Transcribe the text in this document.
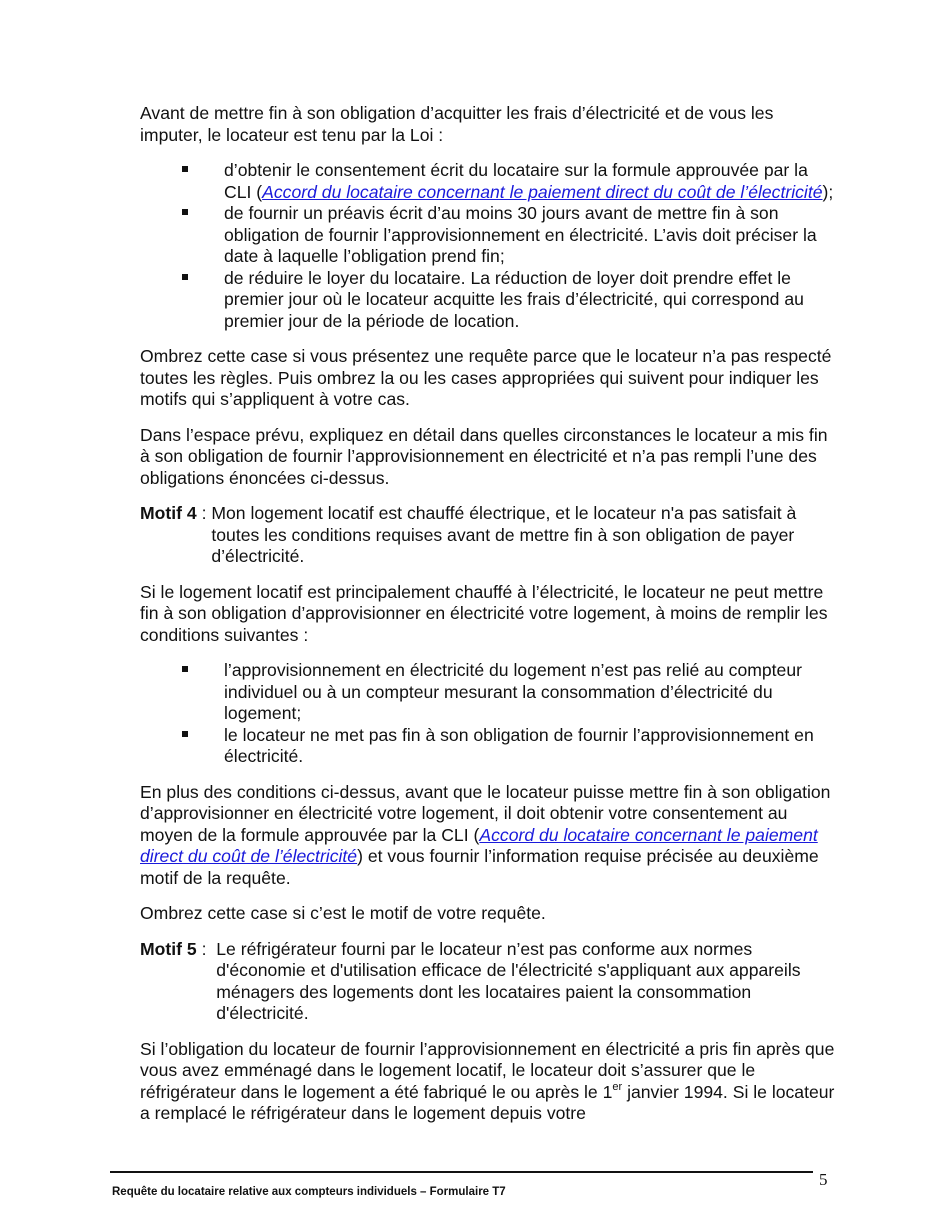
Avant de mettre fin à son obligation d’acquitter les frais d’électricité et de vous les imputer, le locateur est tenu par la Loi :

d’obtenir le consentement écrit du locataire sur la formule approuvée par la CLI (Accord du locataire concernant le paiement direct du coût de l’électricité);
de fournir un préavis écrit d’au moins 30 jours avant de mettre fin à son obligation de fournir l’approvisionnement en électricité. L’avis doit préciser la date à laquelle l’obligation prend fin;
de réduire le loyer du locataire. La réduction de loyer doit prendre effet le premier jour où le locateur acquitte les frais d’électricité, qui correspond au premier jour de la période de location.

Ombrez cette case si vous présentez une requête parce que le locateur n’a pas respecté toutes les règles. Puis ombrez la ou les cases appropriées qui suivent pour indiquer les motifs qui s’appliquent à votre cas.

Dans l’espace prévu, expliquez en détail dans quelles circonstances le locateur a mis fin à son obligation de fournir l’approvisionnement en électricité et n’a pas rempli l’une des obligations énoncées ci-dessus.

Motif 4 : Mon logement locatif est chauffé électrique, et le locateur n'a pas satisfait à toutes les conditions requises avant de mettre fin à son obligation de payer d’électricité.

Si le logement locatif est principalement chauffé à l’électricité, le locateur ne peut mettre fin à son obligation d’approvisionner en électricité votre logement, à moins de remplir les conditions suivantes :

l’approvisionnement en électricité du logement n’est pas relié au compteur individuel ou à un compteur mesurant la consommation d’électricité du logement;
le locateur ne met pas fin à son obligation de fournir l’approvisionnement en électricité.

En plus des conditions ci-dessus, avant que le locateur puisse mettre fin à son obligation d’approvisionner en électricité votre logement, il doit obtenir votre consentement au moyen de la formule approuvée par la CLI (Accord du locataire concernant le paiement direct du coût de l’électricité) et vous fournir l’information requise précisée au deuxième motif de la requête.

Ombrez cette case si c’est le motif de votre requête.

Motif 5 : Le réfrigérateur fourni par le locateur n’est pas conforme aux normes d'économie et d'utilisation efficace de l'électricité s'appliquant aux appareils ménagers des logements dont les locataires paient la consommation d'électricité.

Si l’obligation du locateur de fournir l’approvisionnement en électricité a pris fin après que vous avez emménagé dans le logement locatif, le locateur doit s’assurer que le réfrigérateur dans le logement a été fabriqué le ou après le 1er janvier 1994. Si le locateur a remplacé le réfrigérateur dans le logement depuis votre

Requête du locataire relative aux compteurs individuels – Formulaire T7
5
